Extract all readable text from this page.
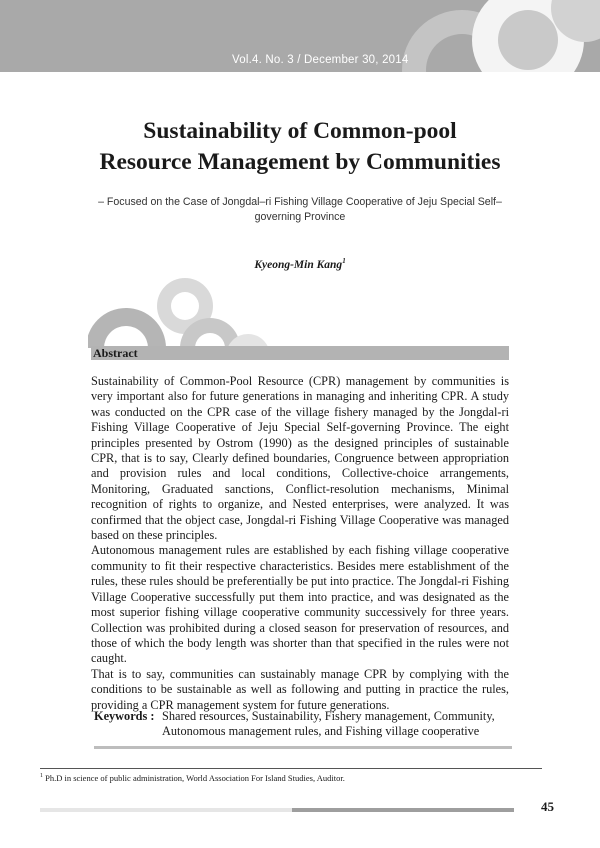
Vol.4. No. 3 / December 30, 2014
Sustainability of Common-pool
Resource Management by Communities
– Focused on the Case of Jongdal–ri Fishing Village Cooperative of Jeju Special Self–governing Province
Kyeong-Min Kang$^1$
Abstract

Sustainability of Common-Pool Resource (CPR) management by communities is very important also for future generations in managing and inheriting CPR. A study was conducted on the CPR case of the village fishery managed by the Jongdal-ri Fishing Village Cooperative of Jeju Special Self-governing Province. The eight principles presented by Ostrom (1990) as the designed principles of sustainable CPR, that is to say, Clearly defined boundaries, Congruence between appropriation and provision rules and local conditions, Collective-choice arrangements, Monitoring, Graduated sanctions, Conflict-resolution mechanisms, Minimal recognition of rights to organize, and Nested enterprises, were analyzed. It was confirmed that the object case, Jongdal-ri Fishing Village Cooperative was managed based on these principles.

Autonomous management rules are established by each fishing village cooperative community to fit their respective characteristics. Besides mere establishment of the rules, these rules should be preferentially be put into practice. The Jongdal-ri Fishing Village Cooperative successfully put them into practice, and was designated as the most superior fishing village cooperative community successively for three years. Collection was prohibited during a closed season for preservation of resources, and those of which the body length was shorter than that specified in the rules were not caught.

That is to say, communities can sustainably manage CPR by complying with the conditions to be sustainable as well as following and putting in practice the rules, providing a CPR management system for future generations.

Keywords : Shared resources, Sustainability, Fishery management, Community, Autonomous management rules, and Fishing village cooperative
$^1$ Ph.D in science of public administration, World Association For Island Studies, Auditor.
45
